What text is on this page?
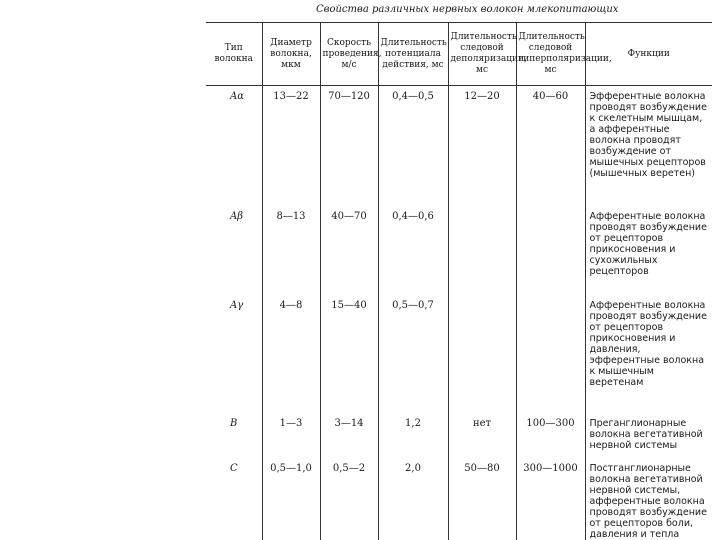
Свойства различных нервных волокон млекопитающих
Тип волокна	Диаметр волокна, мкм	Скорость проведения, м/с	Длительность потенциала действия, мс	Длительность следовой деполяризации, мс	Длительность следовой гиперполяризации, мс	Функции
Aα	13—22	70—120	0,4—0,5	12—20	40—60	Эфферентные волокна проводят возбуждение к скелетным мышцам, а афферентные волокна проводят возбуждение от мышечных рецепторов (мышечных веретен)
Aβ	8—13	40—70	0,4—0,6			Афферентные волокна проводят возбуждение от рецепторов прикосновения и сухожильных рецепторов
Aγ	4—8	15—40	0,5—0,7			Афферентные волокна проводят возбуждение от рецепторов прикосновения и давления, эфферентные волокна к мышечным веретенам
B	1—3	3—14	1,2	нет	100—300	Преганглионарные волокна вегетативной нервной системы
C	0,5—1,0	0,5—2	2,0	50—80	300—1000	Постганглионарные волокна вегетативной нервной системы, афферентные волокна проводят возбуждение от рецепторов боли, давления и тепла
